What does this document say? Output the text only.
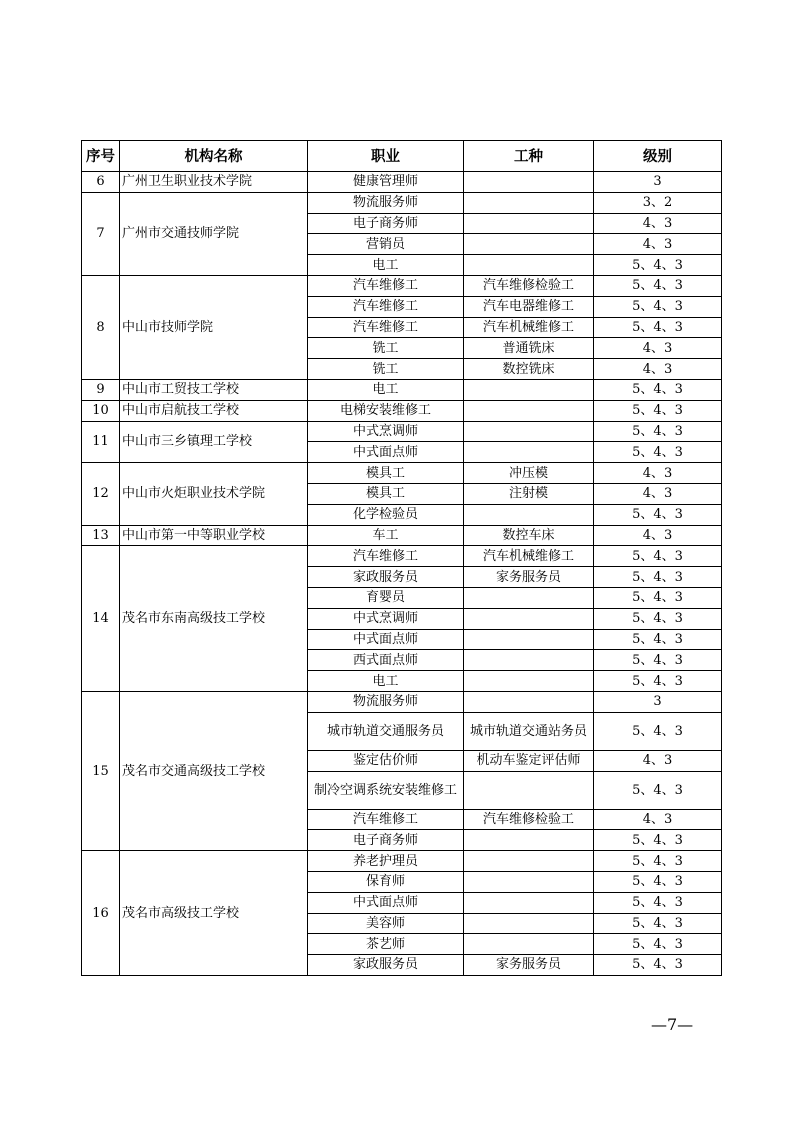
序号	机构名称	职业	工种	级别
6	广州卫生职业技术学院	健康管理师		3
7	广州市交通技师学院	物流服务师		3、2
		电子商务师		4、3
		营销员		4、3
		电工		5、4、3
8	中山市技师学院	汽车维修工	汽车维修检验工	5、4、3
		汽车维修工	汽车电器维修工	5、4、3
		汽车维修工	汽车机械维修工	5、4、3
		铣工	普通铣床	4、3
		铣工	数控铣床	4、3
9	中山市工贸技工学校	电工		5、4、3
10	中山市启航技工学校	电梯安装维修工		5、4、3
11	中山市三乡镇理工学校	中式烹调师		5、4、3
		中式面点师		5、4、3
12	中山市火炬职业技术学院	模具工	冲压模	4、3
		模具工	注射模	4、3
		化学检验员		5、4、3
13	中山市第一中等职业学校	车工	数控车床	4、3
14	茂名市东南高级技工学校	汽车维修工	汽车机械维修工	5、4、3
		家政服务员	家务服务员	5、4、3
		育婴员		5、4、3
		中式烹调师		5、4、3
		中式面点师		5、4、3
		西式面点师		5、4、3
		电工		5、4、3
15	茂名市交通高级技工学校	物流服务师		3
		城市轨道交通服务员	城市轨道交通站务员	5、4、3
		鉴定估价师	机动车鉴定评估师	4、3
		制冷空调系统安装维修工		5、4、3
		汽车维修工	汽车维修检验工	4、3
		电子商务师		5、4、3
16	茂名市高级技工学校	养老护理员		5、4、3
		保育师		5、4、3
		中式面点师		5、4、3
		美容师		5、4、3
		茶艺师		5、4、3
		家政服务员	家务服务员	5、4、3
—7—
